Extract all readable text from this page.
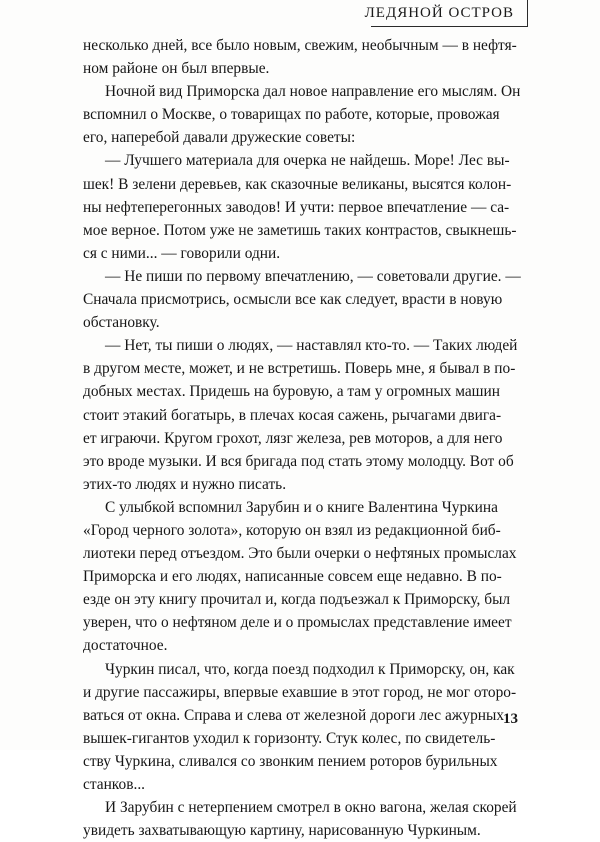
ЛЕДЯНОЙ ОСТРОВ
несколько дней, все было новым, свежим, необычным — в нефтя-
ном районе он был впервые.
Ночной вид Приморска дал новое направление его мыслям. Он
вспомнил о Москве, о товарищах по работе, которые, провожая
его, наперебой давали дружеские советы:
— Лучшего материала для очерка не найдешь. Море! Лес вы-
шек! В зелени деревьев, как сказочные великаны, высятся колон-
ны нефтеперегонных заводов! И учти: первое впечатление — са-
мое верное. Потом уже не заметишь таких контрастов, свыкнешь-
ся с ними... — говорили одни.
— Не пиши по первому впечатлению, — советовали другие. —
Сначала присмотрись, осмысли все как следует, врасти в новую
обстановку.
— Нет, ты пиши о людях, — наставлял кто-то. — Таких людей
в другом месте, может, и не встретишь. Поверь мне, я бывал в по-
добных местах. Придешь на буровую, а там у огромных машин
стоит этакий богатырь, в плечах косая сажень, рычагами двига-
ет играючи. Кругом грохот, лязг железа, рев моторов, а для него
это вроде музыки. И вся бригада под стать этому молодцу. Вот об
этих-то людях и нужно писать.
С улыбкой вспомнил Зарубин и о книге Валентина Чуркина
«Город черного золота», которую он взял из редакционной биб-
лиотеки перед отъездом. Это были очерки о нефтяных промыслах
Приморска и его людях, написанные совсем еще недавно. В по-
езде он эту книгу прочитал и, когда подъезжал к Приморску, был
уверен, что о нефтяном деле и о промыслах представление имеет
достаточное.
Чуркин писал, что, когда поезд подходил к Приморску, он, как
и другие пассажиры, впервые ехавшие в этот город, не мог оторо-
ваться от окна. Справа и слева от железной дороги лес ажурных
вышек-гигантов уходил к горизонту. Стук колес, по свидетель-
ству Чуркина, сливался со звонким пением роторов бурильных
станков...
И Зарубин с нетерпением смотрел в окно вагона, желая скорей
увидеть захватывающую картину, нарисованную Чуркиным.
13
